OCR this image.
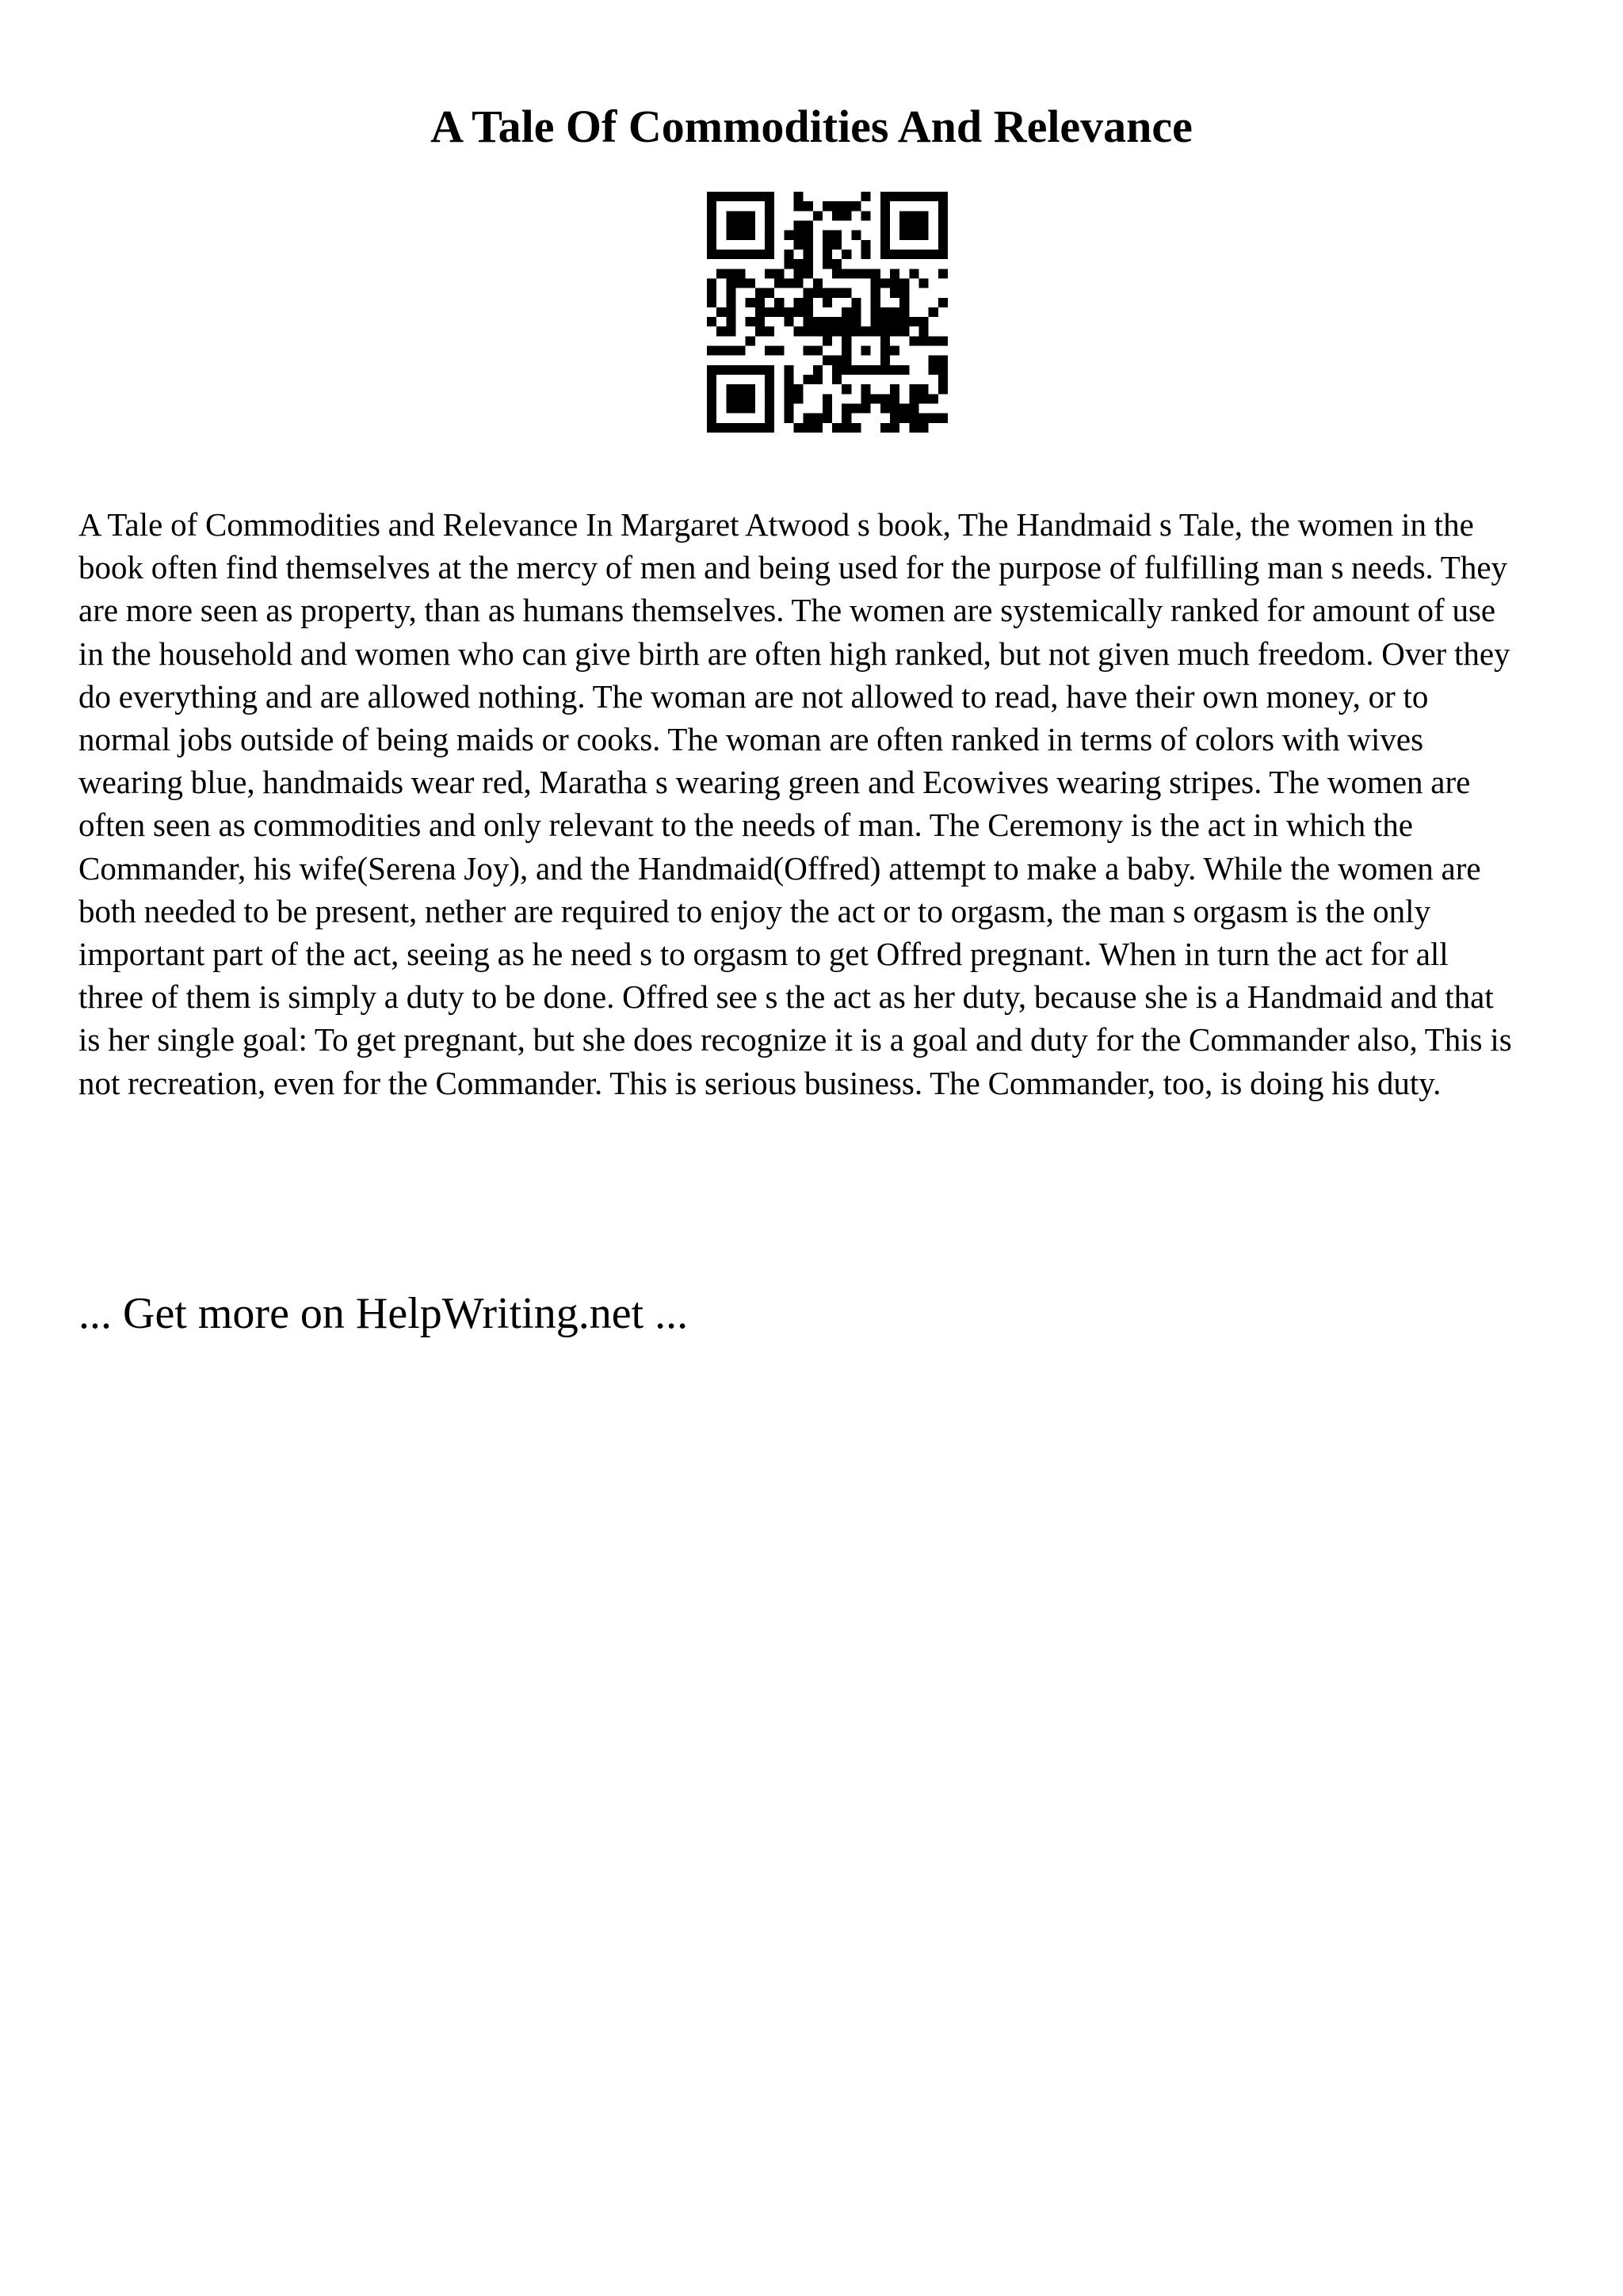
A Tale Of Commodities And Relevance

A Tale of Commodities and Relevance In Margaret Atwood s book, The Handmaid s Tale, the women in the book often find themselves at the mercy of men and being used for the purpose of fulfilling man s needs. They are more seen as property, than as humans themselves. The women are systemically ranked for amount of use in the household and women who can give birth are often high ranked, but not given much freedom. Over they do everything and are allowed nothing. The woman are not allowed to read, have their own money, or to normal jobs outside of being maids or cooks. The woman are often ranked in terms of colors with wives wearing blue, handmaids wear red, Maratha s wearing green and Ecowives wearing stripes. The women are often seen as commodities and only relevant to the needs of man. The Ceremony is the act in which the Commander, his wife(Serena Joy), and the Handmaid(Offred) attempt to make a baby. While the women are both needed to be present, nether are required to enjoy the act or to orgasm, the man s orgasm is the only important part of the act, seeing as he need s to orgasm to get Offred pregnant. When in turn the act for all three of them is simply a duty to be done. Offred see s the act as her duty, because she is a Handmaid and that is her single goal: To get pregnant, but she does recognize it is a goal and duty for the Commander also, This is not recreation, even for the Commander. This is serious business. The Commander, too, is doing his duty.

... Get more on HelpWriting.net ...
